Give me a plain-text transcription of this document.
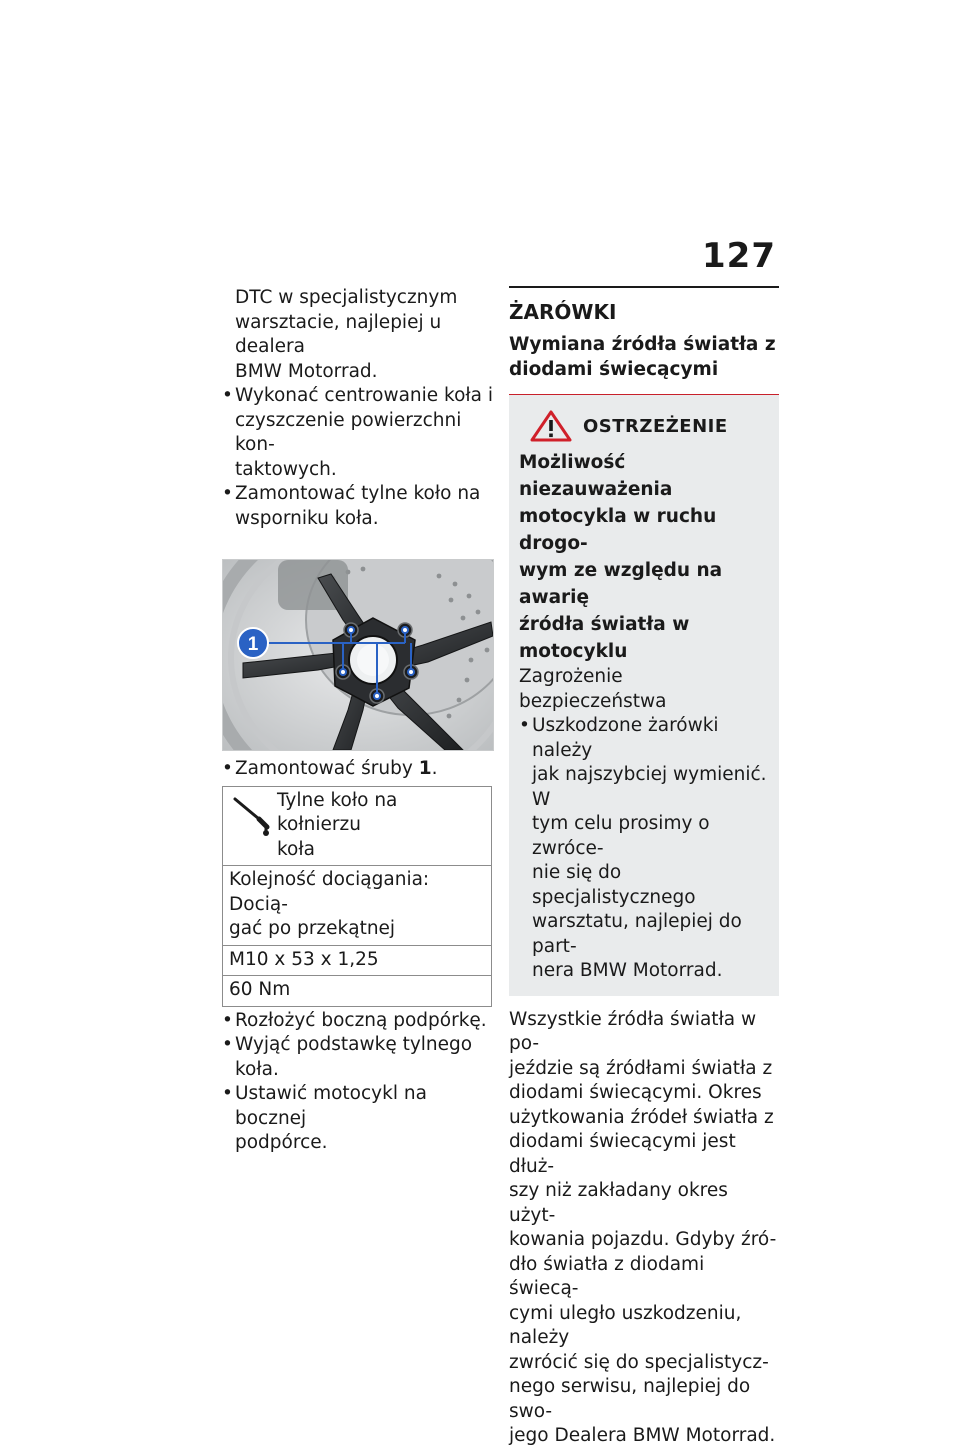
127
DTC w specjalistycznym
warsztacie, najlepiej u dealera
BMW Motorrad.
• Wykonać centrowanie koła i
czyszczenie powierzchni kon-
taktowych.
• Zamontować tylne koło na
wsporniku koła.
1
• Zamontować śruby 1.
Tylne koło na kołnierzu
koła

Kolejność dociągania: Docią-
gać po przekątnej

M10 x 53 x 1,25
60 Nm
• Rozłożyć boczną podpórkę.
• Wyjąć podstawkę tylnego
koła.
• Ustawić motocykl na bocznej
podpórce.
ŻARÓWKI
Wymiana źródła światła z
diodami świecącymi
OSTRZEŻENIE
Możliwość niezauważenia
motocykla w ruchu drogo-
wym ze względu na awarię
źródła światła w motocyklu
Zagrożenie bezpieczeństwa
• Uszkodzone żarówki należy
jak najszybciej wymienić. W
tym celu prosimy o zwróce-
nie się do specjalistycznego
warsztatu, najlepiej do part-
nera BMW Motorrad.
Wszystkie źródła światła w po-
jeździe są źródłami światła z
diodami świecącymi. Okres
użytkowania źródeł światła z
diodami świecącymi jest dłuż-
szy niż zakładany okres użyt-
kowania pojazdu. Gdyby źró-
dło światła z diodami świecą-
cymi uległo uszkodzeniu, należy
zwrócić się do specjalistycz-
nego serwisu, najlepiej do swo-
jego Dealera BMW Motorrad.
